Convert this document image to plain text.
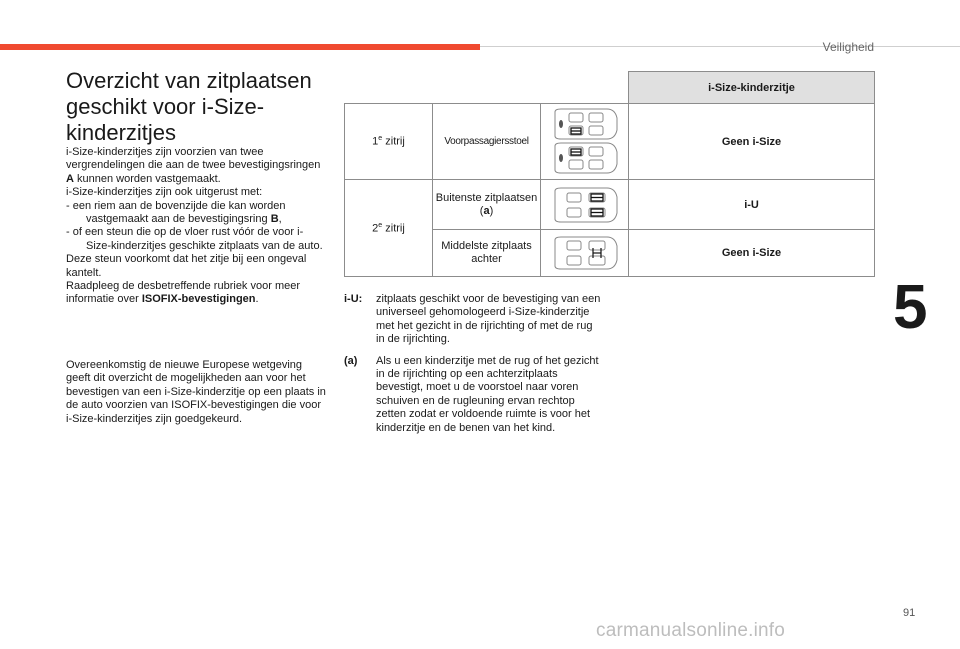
Veiligheid
5
91
carmanualsonline.info
Overzicht van zitplaatsen geschikt voor i-Size-kinderzitjes

i-Size-kinderzitjes zijn voorzien van twee vergrendelingen die aan de twee bevestigingsringen A kunnen worden vastgemaakt.

i-Size-kinderzitjes zijn ook uitgerust met:

- een riem aan de bovenzijde die kan worden vastgemaakt aan de bevestigingsring B,

- of een steun die op de vloer rust vóór de voor i-Size-kinderzitjes geschikte zitplaats van de auto.

Deze steun voorkomt dat het zitje bij een ongeval kantelt.

Raadpleeg de desbetreffende rubriek voor meer informatie over ISOFIX-bevestigingen.

Overeenkomstig de nieuwe Europese wetgeving geeft dit overzicht de mogelijkheden aan voor het bevestigen van een i-Size-kinderzitje op een plaats in de auto voorzien van ISOFIX-bevestigingen die voor i-Size-kinderzitjes zijn goedgekeurd.

			i-Size-kinderzitje
1e zitrij	Voorpassagiersstoel		Geen i-Size
2e zitrij	Buitenste zitplaatsen (a)		i-U
	Middelste zitplaats achter		Geen i-Size
i-U:	zitplaats geschikt voor de bevestiging van een universeel gehomologeerd i-Size-kinderzitje met het gezicht in de rijrichting of met de rug in de rijrichting.
(a)	Als u een kinderzitje met de rug of het gezicht in de rijrichting op een achterzitplaats bevestigt, moet u de voorstoel naar voren schuiven en de rugleuning ervan rechtop zetten zodat er voldoende ruimte is voor het kinderzitje en de benen van het kind.
